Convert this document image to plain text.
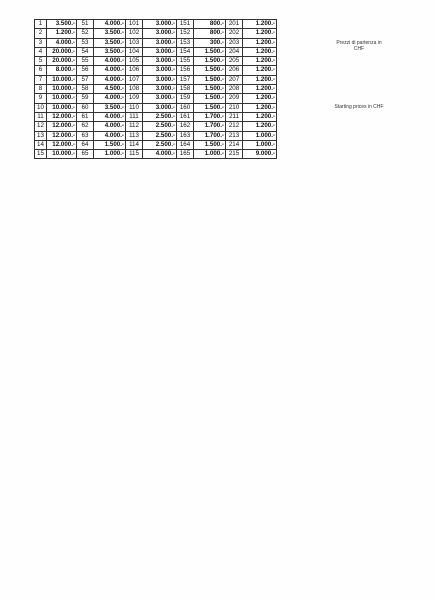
1	3.500.-	51	4.000.-	101	3.000.-	151	800.-	201	1.200.-
2	1.200.-	52	3.500.-	102	3.000.-	152	800.-	202	1.200.-
3	4.000.-	53	3.500.-	103	3.000.-	153	300.-	203	1.200.-
4	20.000.-	54	3.500.-	104	3.000.-	154	1.500.-	204	1.200.-
5	20.000.-	55	4.000.-	105	3.000.-	155	1.500.-	205	1.200.-
6	8.000.-	56	4.000.-	106	3.000.-	156	1.500.-	206	1.200.-
7	10.000.-	57	4.000.-	107	3.000.-	157	1.500.-	207	1.200.-
8	10.000.-	58	4.500.-	108	3.000.-	158	1.500.-	208	1.200.-
9	10.000.-	59	4.000.-	109	3.000.-	159	1.500.-	209	1.200.-
10	10.000.-	60	3.500.-	110	3.000.-	160	1.500.-	210	1.200.-
11	12.000.-	61	4.000.-	111	2.500.-	161	1.700.-	211	1.200.-
12	12.000.-	62	4.000.-	112	2.500.-	162	1.700.-	212	1.200.-
13	12.000.-	63	4.000.-	113	2.500.-	163	1.700.-	213	1.000.-
14	12.000.-	64	1.500.-	114	2.500.-	164	1.500.-	214	1.000.-
15	10.000.-	65	1.000.-	115	4.000.-	165	1.000.-	215	9.000.-
Prezzi di partenza in CHF
Starting prices in CHF
